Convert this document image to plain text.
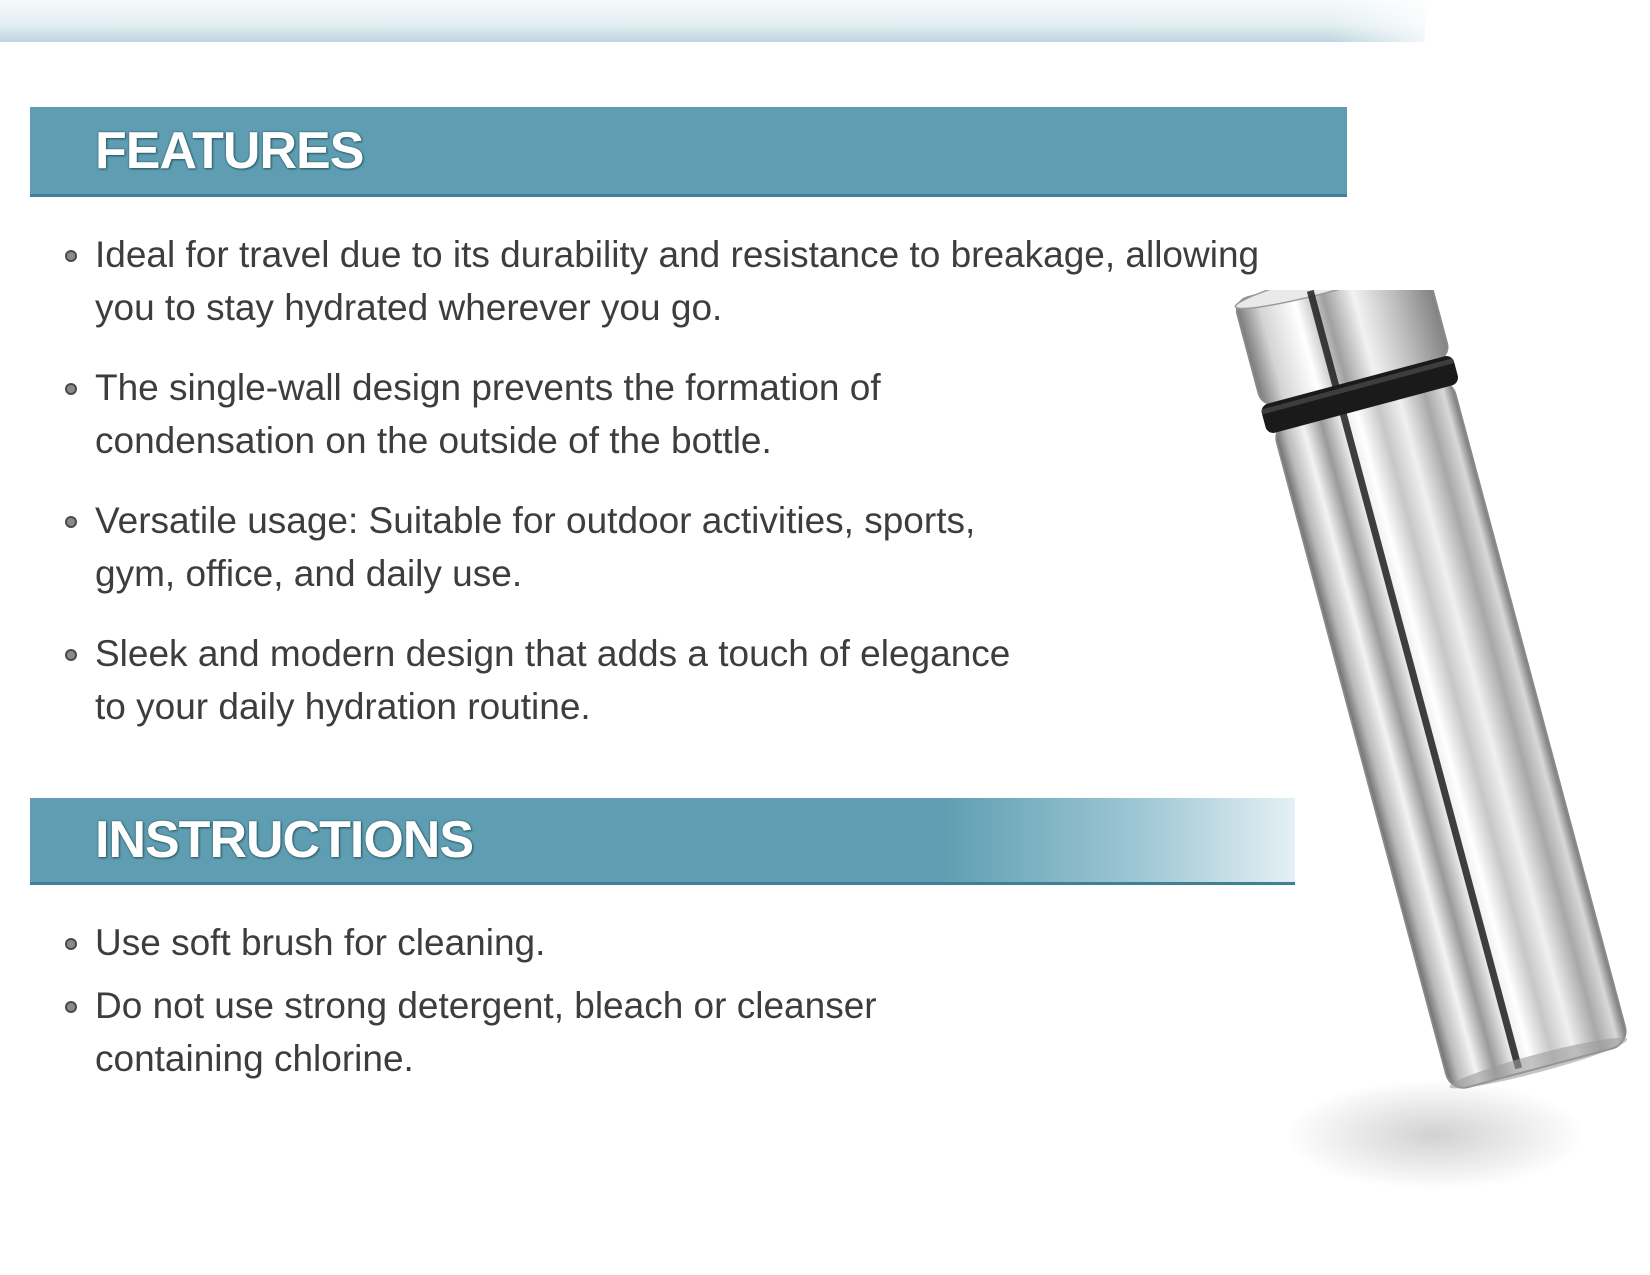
FEATURES
Ideal for travel due to its durability and resistance to breakage, allowing you to stay hydrated wherever you go.
The single-wall design prevents the formation of condensation on the outside of the bottle.
Versatile usage: Suitable for outdoor activities, sports, gym, office, and daily use.
Sleek and modern design that adds a touch of elegance to your daily hydration routine.
INSTRUCTIONS
Use soft brush for cleaning.
Do not use strong detergent, bleach or cleanser containing chlorine.
